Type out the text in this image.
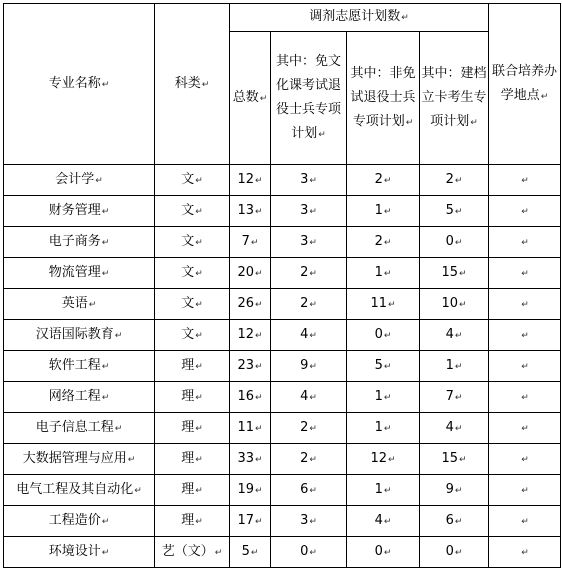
专业名称↵	科类↵	调剂志愿计划数↵				联合培养办学地点↵
		总数↵	其中：免文化课考试退役士兵专项计划↵	其中：非免试退役士兵专项计划↵	其中：建档立卡考生专项计划↵	
会计学↵	文↵	12↵	3↵	2↵	2↵	↵
财务管理↵	文↵	13↵	3↵	1↵	5↵	↵
电子商务↵	文↵	7↵	3↵	2↵	0↵	↵
物流管理↵	文↵	20↵	2↵	1↵	15↵	↵
英语↵	文↵	26↵	2↵	11↵	10↵	↵
汉语国际教育↵	文↵	12↵	4↵	0↵	4↵	↵
软件工程↵	理↵	23↵	9↵	5↵	1↵	↵
网络工程↵	理↵	16↵	4↵	1↵	7↵	↵
电子信息工程↵	理↵	11↵	2↵	1↵	4↵	↵
大数据管理与应用↵	理↵	33↵	2↵	12↵	15↵	↵
电气工程及其自动化↵	理↵	19↵	6↵	1↵	9↵	↵
工程造价↵	理↵	17↵	3↵	4↵	6↵	↵
环境设计↵	艺（文）↵	5↵	0↵	0↵	0↵	↵
